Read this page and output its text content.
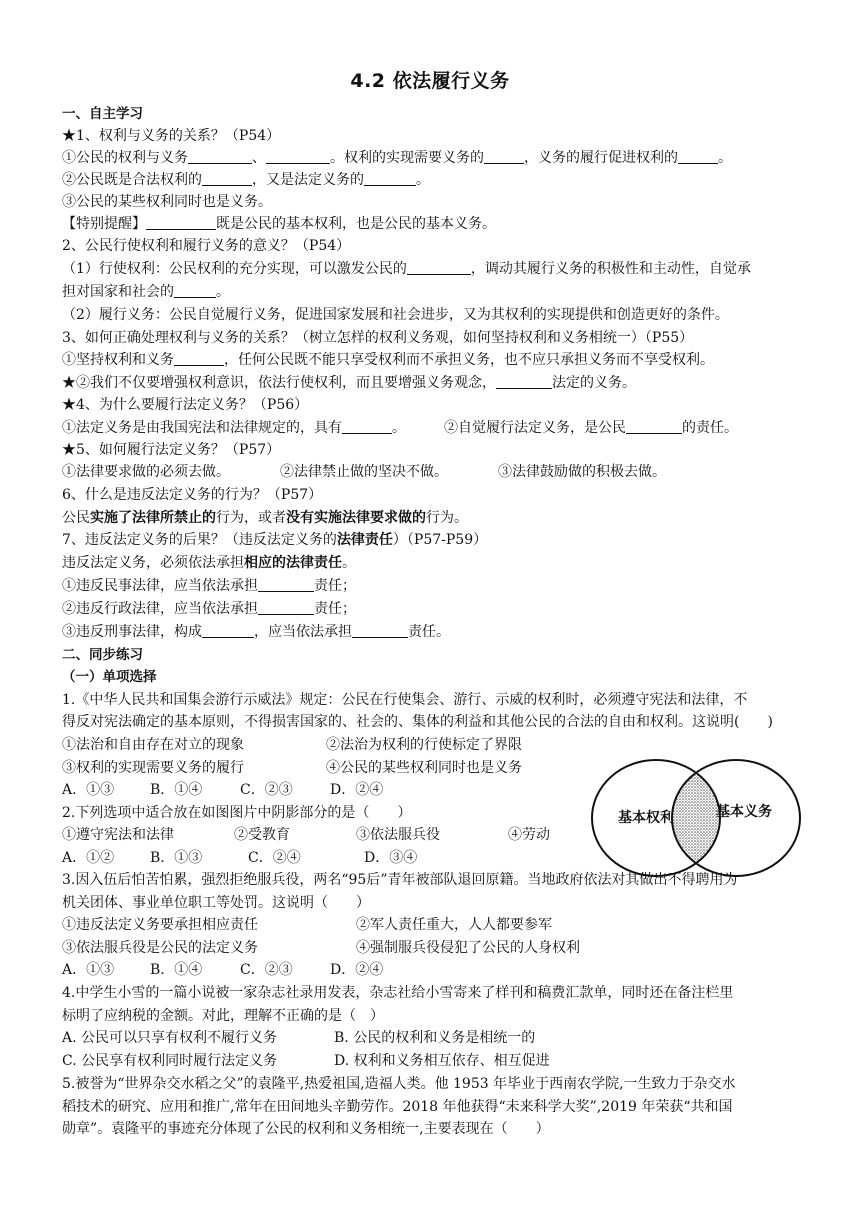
4.2 依法履行义务
一、自主学习
★1、权利与义务的关系？（P54）
①公民的权利与义务	、	。权利的实现需要义务的	，义务的履行促进权利的	。
②公民既是合法权利的	，又是法定义务的	。
③公民的某些权利同时也是义务。
【特别提醒】	既是公民的基本权利，也是公民的基本义务。
2、公民行使权利和履行义务的意义？（P54）
（1）行使权利：公民权利的充分实现，可以激发公民的	，调动其履行义务的积极性和主动性，自觉承
担对国家和社会的	。
（2）履行义务：公民自觉履行义务，促进国家发展和社会进步，又为其权利的实现提供和创造更好的条件。
3、如何正确处理权利与义务的关系？（树立怎样的权利义务观，如何坚持权利和义务相统一）（P55）
①坚持权利和义务	，任何公民既不能只享受权利而不承担义务，也不应只承担义务而不享受权利。
★②我们不仅要增强权利意识，依法行使权利，而且要增强义务观念，	法定的义务。
★4、为什么要履行法定义务？（P56）
①法定义务是由我国宪法和法律规定的，具有	。	②自觉履行法定义务，是公民	的责任。
★5、如何履行法定义务？（P57）
①法律要求做的必须去做。	②法律禁止做的坚决不做。	③法律鼓励做的积极去做。
6、什么是违反法定义务的行为？（P57）
公民实施了法律所禁止的行为，或者没有实施法律要求做的行为。
7、违反法定义务的后果？（违反法定义务的法律责任）（P57-P59）
违反法定义务，必须依法承担相应的法律责任。
①违反民事法律，应当依法承担	责任；
②违反行政法律，应当依法承担	责任；
③违反刑事法律，构成	，应当依法承担	责任。
二、同步练习
（一）单项选择
1.《中华人民共和国集会游行示威法》规定：公民在行使集会、游行、示威的权利时，必须遵守宪法和法律，不
得反对宪法确定的基本原则，不得损害国家的、社会的、集体的利益和其他公民的合法的自由和权利。这说明(　　)
①法治和自由存在对立的现象	②法治为权利的行使标定了界限
③权利的实现需要义务的履行	④公民的某些权利同时也是义务
A．①③	B．①④	C．②③	D．②④
2.下列选项中适合放在如图图片中阴影部分的是（　　）
①遵守宪法和法律	②受教育	③依法服兵役	④劳动
A．①②	B．①③	C．②④	D．③④
3.因入伍后怕苦怕累，强烈拒绝服兵役，两名“95后”青年被部队退回原籍。当地政府依法对其做出不得聘用为
机关团体、事业单位职工等处罚。这说明（　　）
①违反法定义务要承担相应责任	②军人责任重大，人人都要参军
③依法服兵役是公民的法定义务	④强制服兵役侵犯了公民的人身权利
A．①③	B．①④	C．②③	D．②④
4.中学生小雪的一篇小说被一家杂志社录用发表，杂志社给小雪寄来了样刊和稿费汇款单，同时还在备注栏里
标明了应纳税的金额。对此，理解不正确的是（　）
A. 公民可以只享有权利不履行义务	B. 公民的权利和义务是相统一的
C. 公民享有权利同时履行法定义务	D. 权利和义务相互依存、相互促进
5.被誉为“世界杂交水稻之父”的袁隆平,热爱祖国,造福人类。他 1953 年毕业于西南农学院,一生致力于杂交水
稻技术的研究、应用和推广,常年在田间地头辛勤劳作。2018 年他获得“未来科学大奖”,2019 年荣获“共和国
勋章”。袁隆平的事迹充分体现了公民的权利和义务相统一,主要表现在（　　）
基本权利	基本义务
